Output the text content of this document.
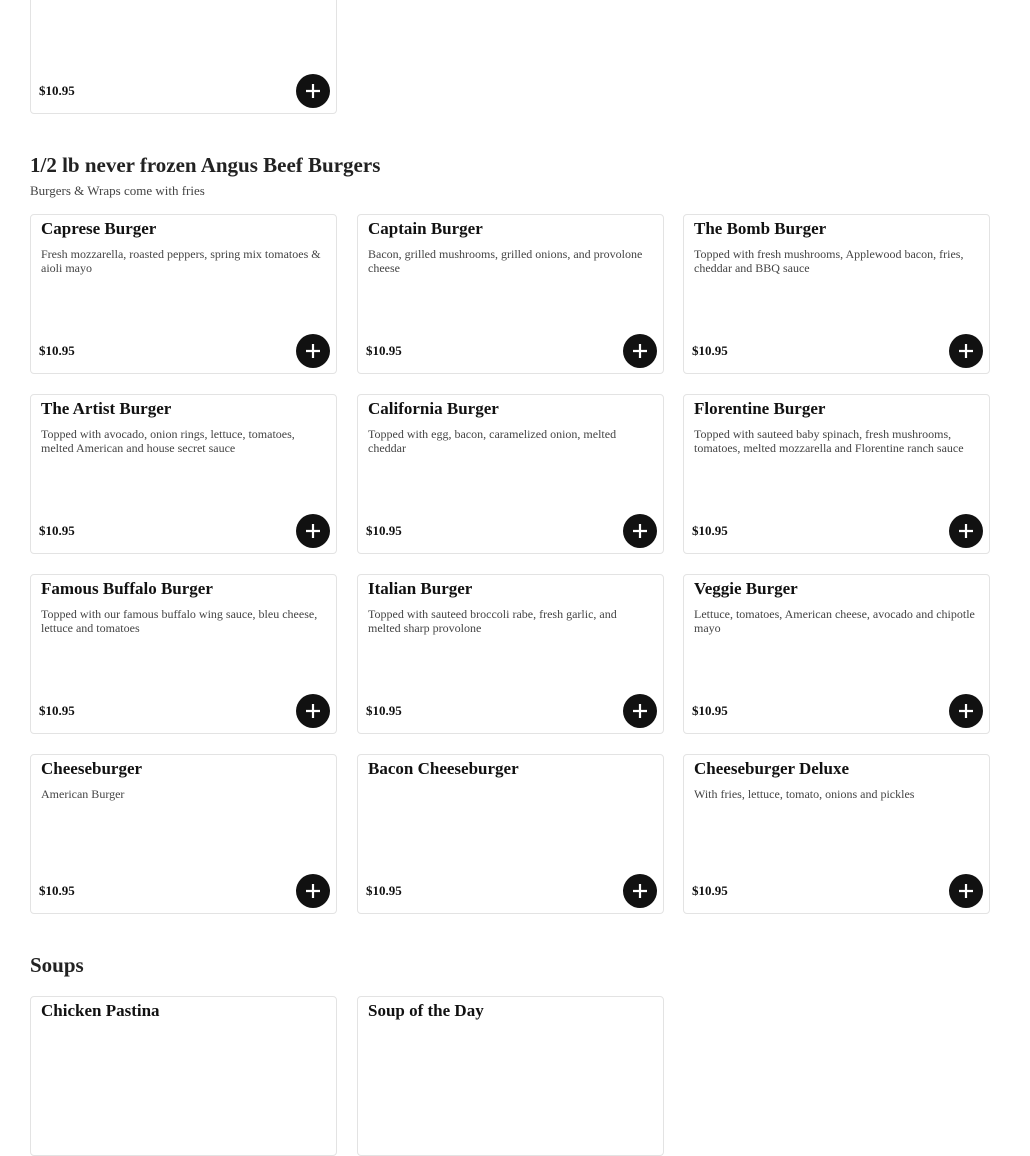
$10.95
1/2 lb never frozen Angus Beef Burgers
Burgers & Wraps come with fries
Caprese Burger
Fresh mozzarella, roasted peppers, spring mix tomatoes & aioli mayo
$10.95
Captain Burger
Bacon, grilled mushrooms, grilled onions, and provolone cheese
$10.95
The Bomb Burger
Topped with fresh mushrooms, Applewood bacon, fries, cheddar and BBQ sauce
$10.95
The Artist Burger
Topped with avocado, onion rings, lettuce, tomatoes, melted American and house secret sauce
$10.95
California Burger
Topped with egg, bacon, caramelized onion, melted cheddar
$10.95
Florentine Burger
Topped with sauteed baby spinach, fresh mushrooms, tomatoes, melted mozzarella and Florentine ranch sauce
$10.95
Famous Buffalo Burger
Topped with our famous buffalo wing sauce, bleu cheese, lettuce and tomatoes
$10.95
Italian Burger
Topped with sauteed broccoli rabe, fresh garlic, and melted sharp provolone
$10.95
Veggie Burger
Lettuce, tomatoes, American cheese, avocado and chipotle mayo
$10.95
Cheeseburger
American Burger
$10.95
Bacon Cheeseburger
$10.95
Cheeseburger Deluxe
With fries, lettuce, tomato, onions and pickles
$10.95
Soups
Chicken Pastina	Soup of the Day
